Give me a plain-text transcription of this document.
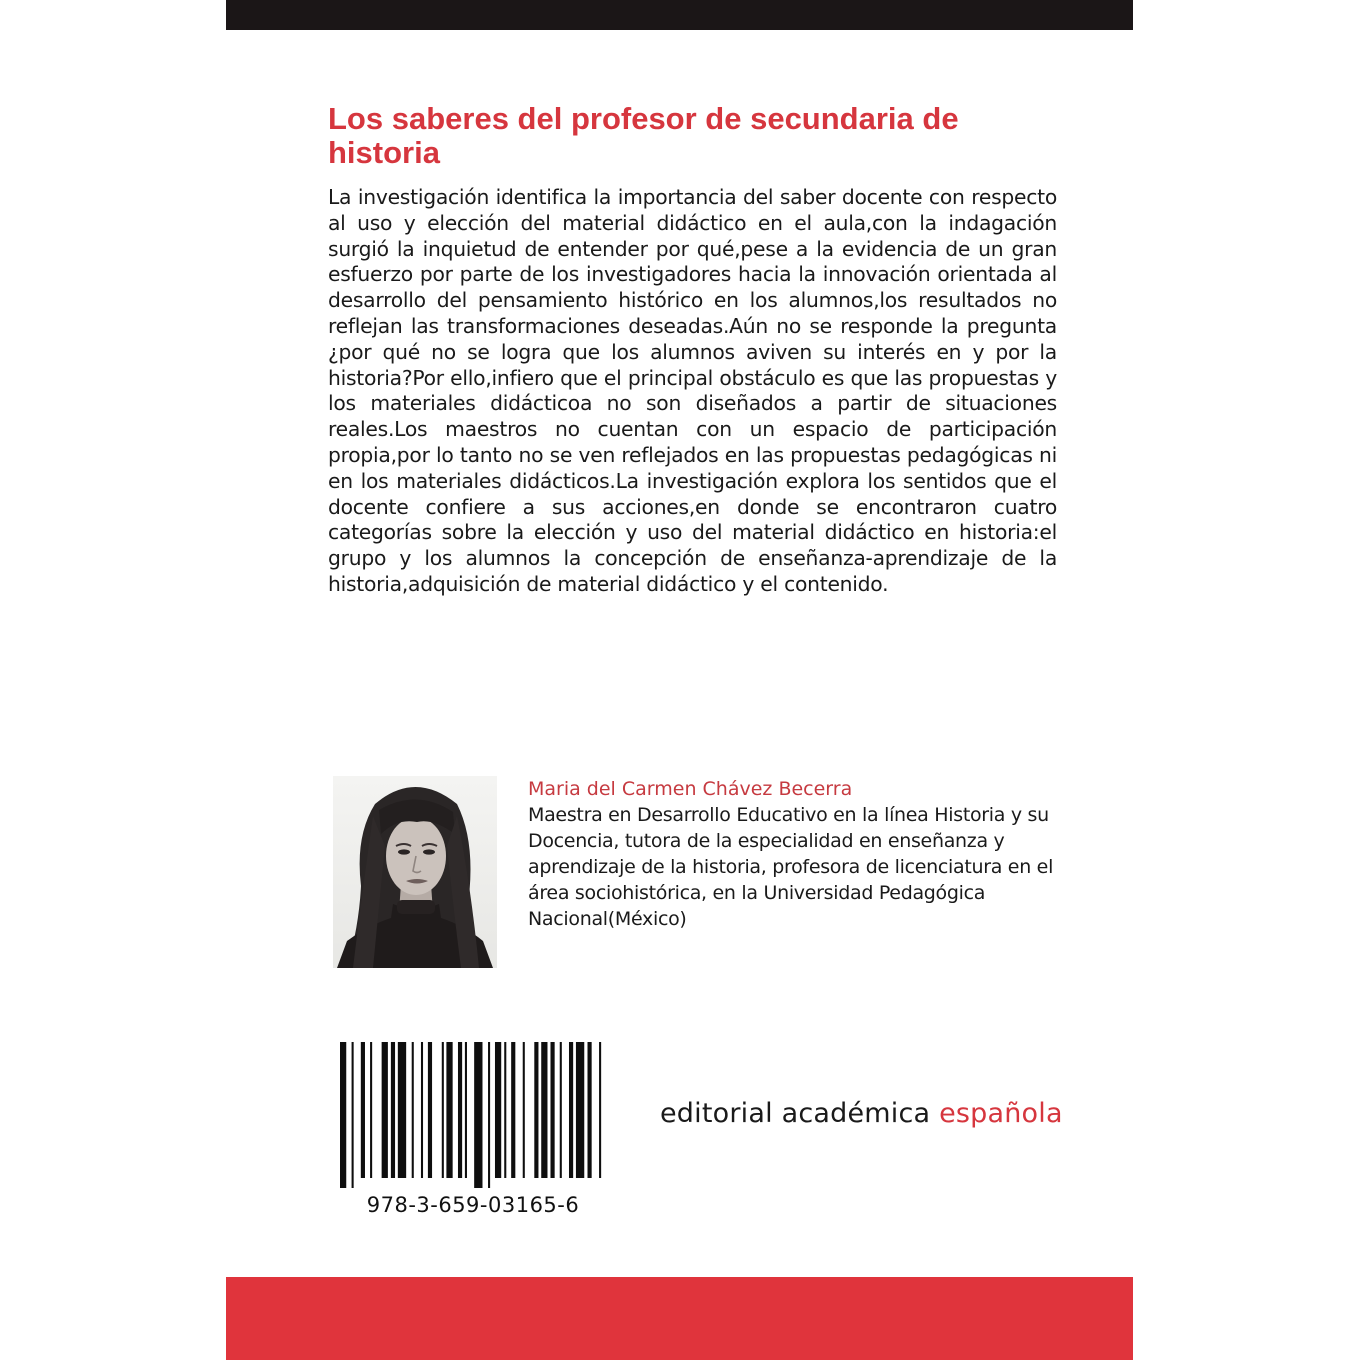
Los saberes del profesor de secundaria de historia

La investigación identifica la importancia del saber docente con respecto al uso y elección del material didáctico en el aula,con la indagación surgió la inquietud de entender por qué,pese a la evidencia de un gran esfuerzo por parte de los investigadores hacia la innovación orientada al desarrollo del pensamiento histórico en los alumnos,los resultados no reflejan las transformaciones deseadas.Aún no se responde la pregunta ¿por qué no se logra que los alumnos aviven su interés en y por la historia?Por ello,infiero que el principal obstáculo es que las propuestas y los materiales didácticoa no son diseñados a partir de situaciones reales.Los maestros no cuentan con un espacio de participación propia,por lo tanto no se ven reflejados en las propuestas pedagógicas ni en los materiales didácticos.La investigación explora los sentidos que el docente confiere a sus acciones,en donde se encontraron cuatro categorías sobre la elección y uso del material didáctico en historia:el grupo y los alumnos la concepción de enseñanza-aprendizaje de la historia,adquisición de material didáctico y el contenido.

Maria del Carmen Chávez Becerra

Maestra en Desarrollo Educativo en la línea Historia y su Docencia, tutora de la especialidad en enseñanza y aprendizaje de la historia, profesora de licenciatura en el área sociohistórica, en la Universidad Pedagógica Nacional(México)

978-3-659-03165-6
editorial académica española
